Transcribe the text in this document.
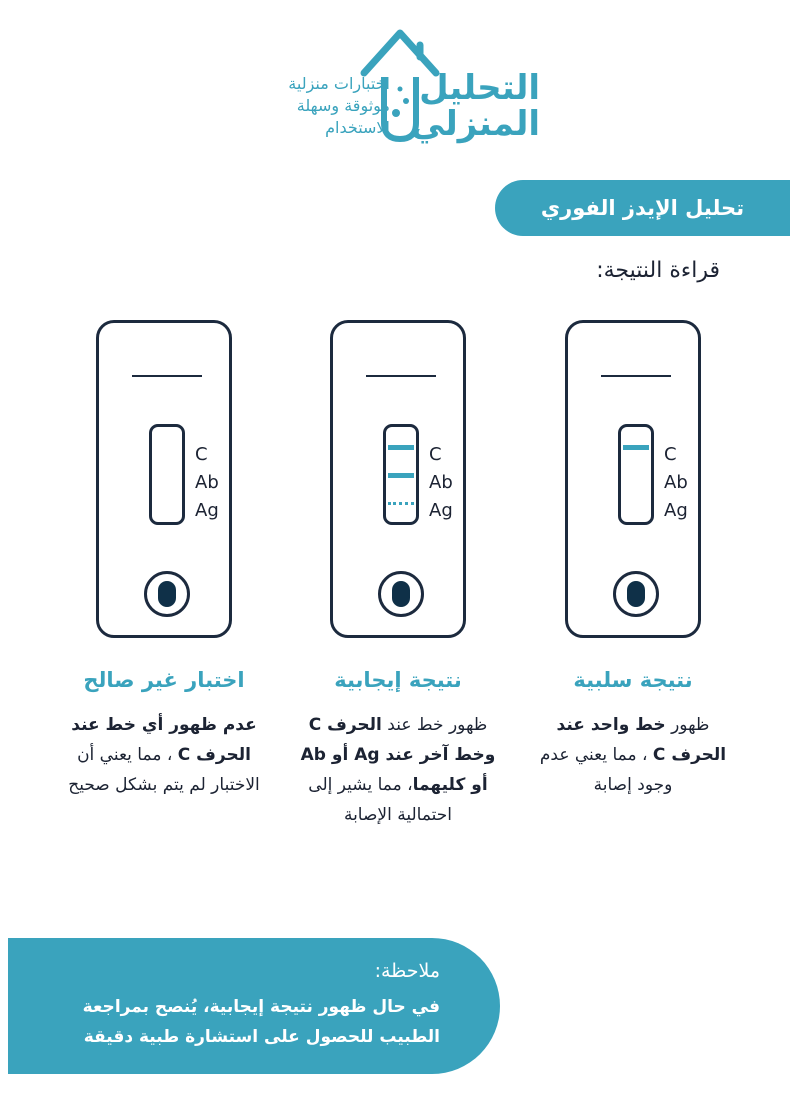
التحليل
المنزلي
اختبارات منزلية
موثوقة وسهلة
الاستخدام
تحليل الإيدز الفوري
قراءة النتيجة:
C
Ab
Ag
C
Ab
Ag
C
Ab
Ag
نتيجة سلبية
نتيجة إيجابية
اختبار غير صالح
ظهور خط واحد عند الحرف C ، مما يعني عدم وجود إصابة
ظهور خط عند الحرف C وخط آخر عند Ag أو Ab أو كليهما، مما يشير إلى احتمالية الإصابة
عدم ظهور أي خط عند الحرف C ، مما يعني أن الاختبار لم يتم بشكل صحيح
ملاحظة:
في حال ظهور نتيجة إيجابية، يُنصح بمراجعة الطبيب للحصول على استشارة طبية دقيقة
